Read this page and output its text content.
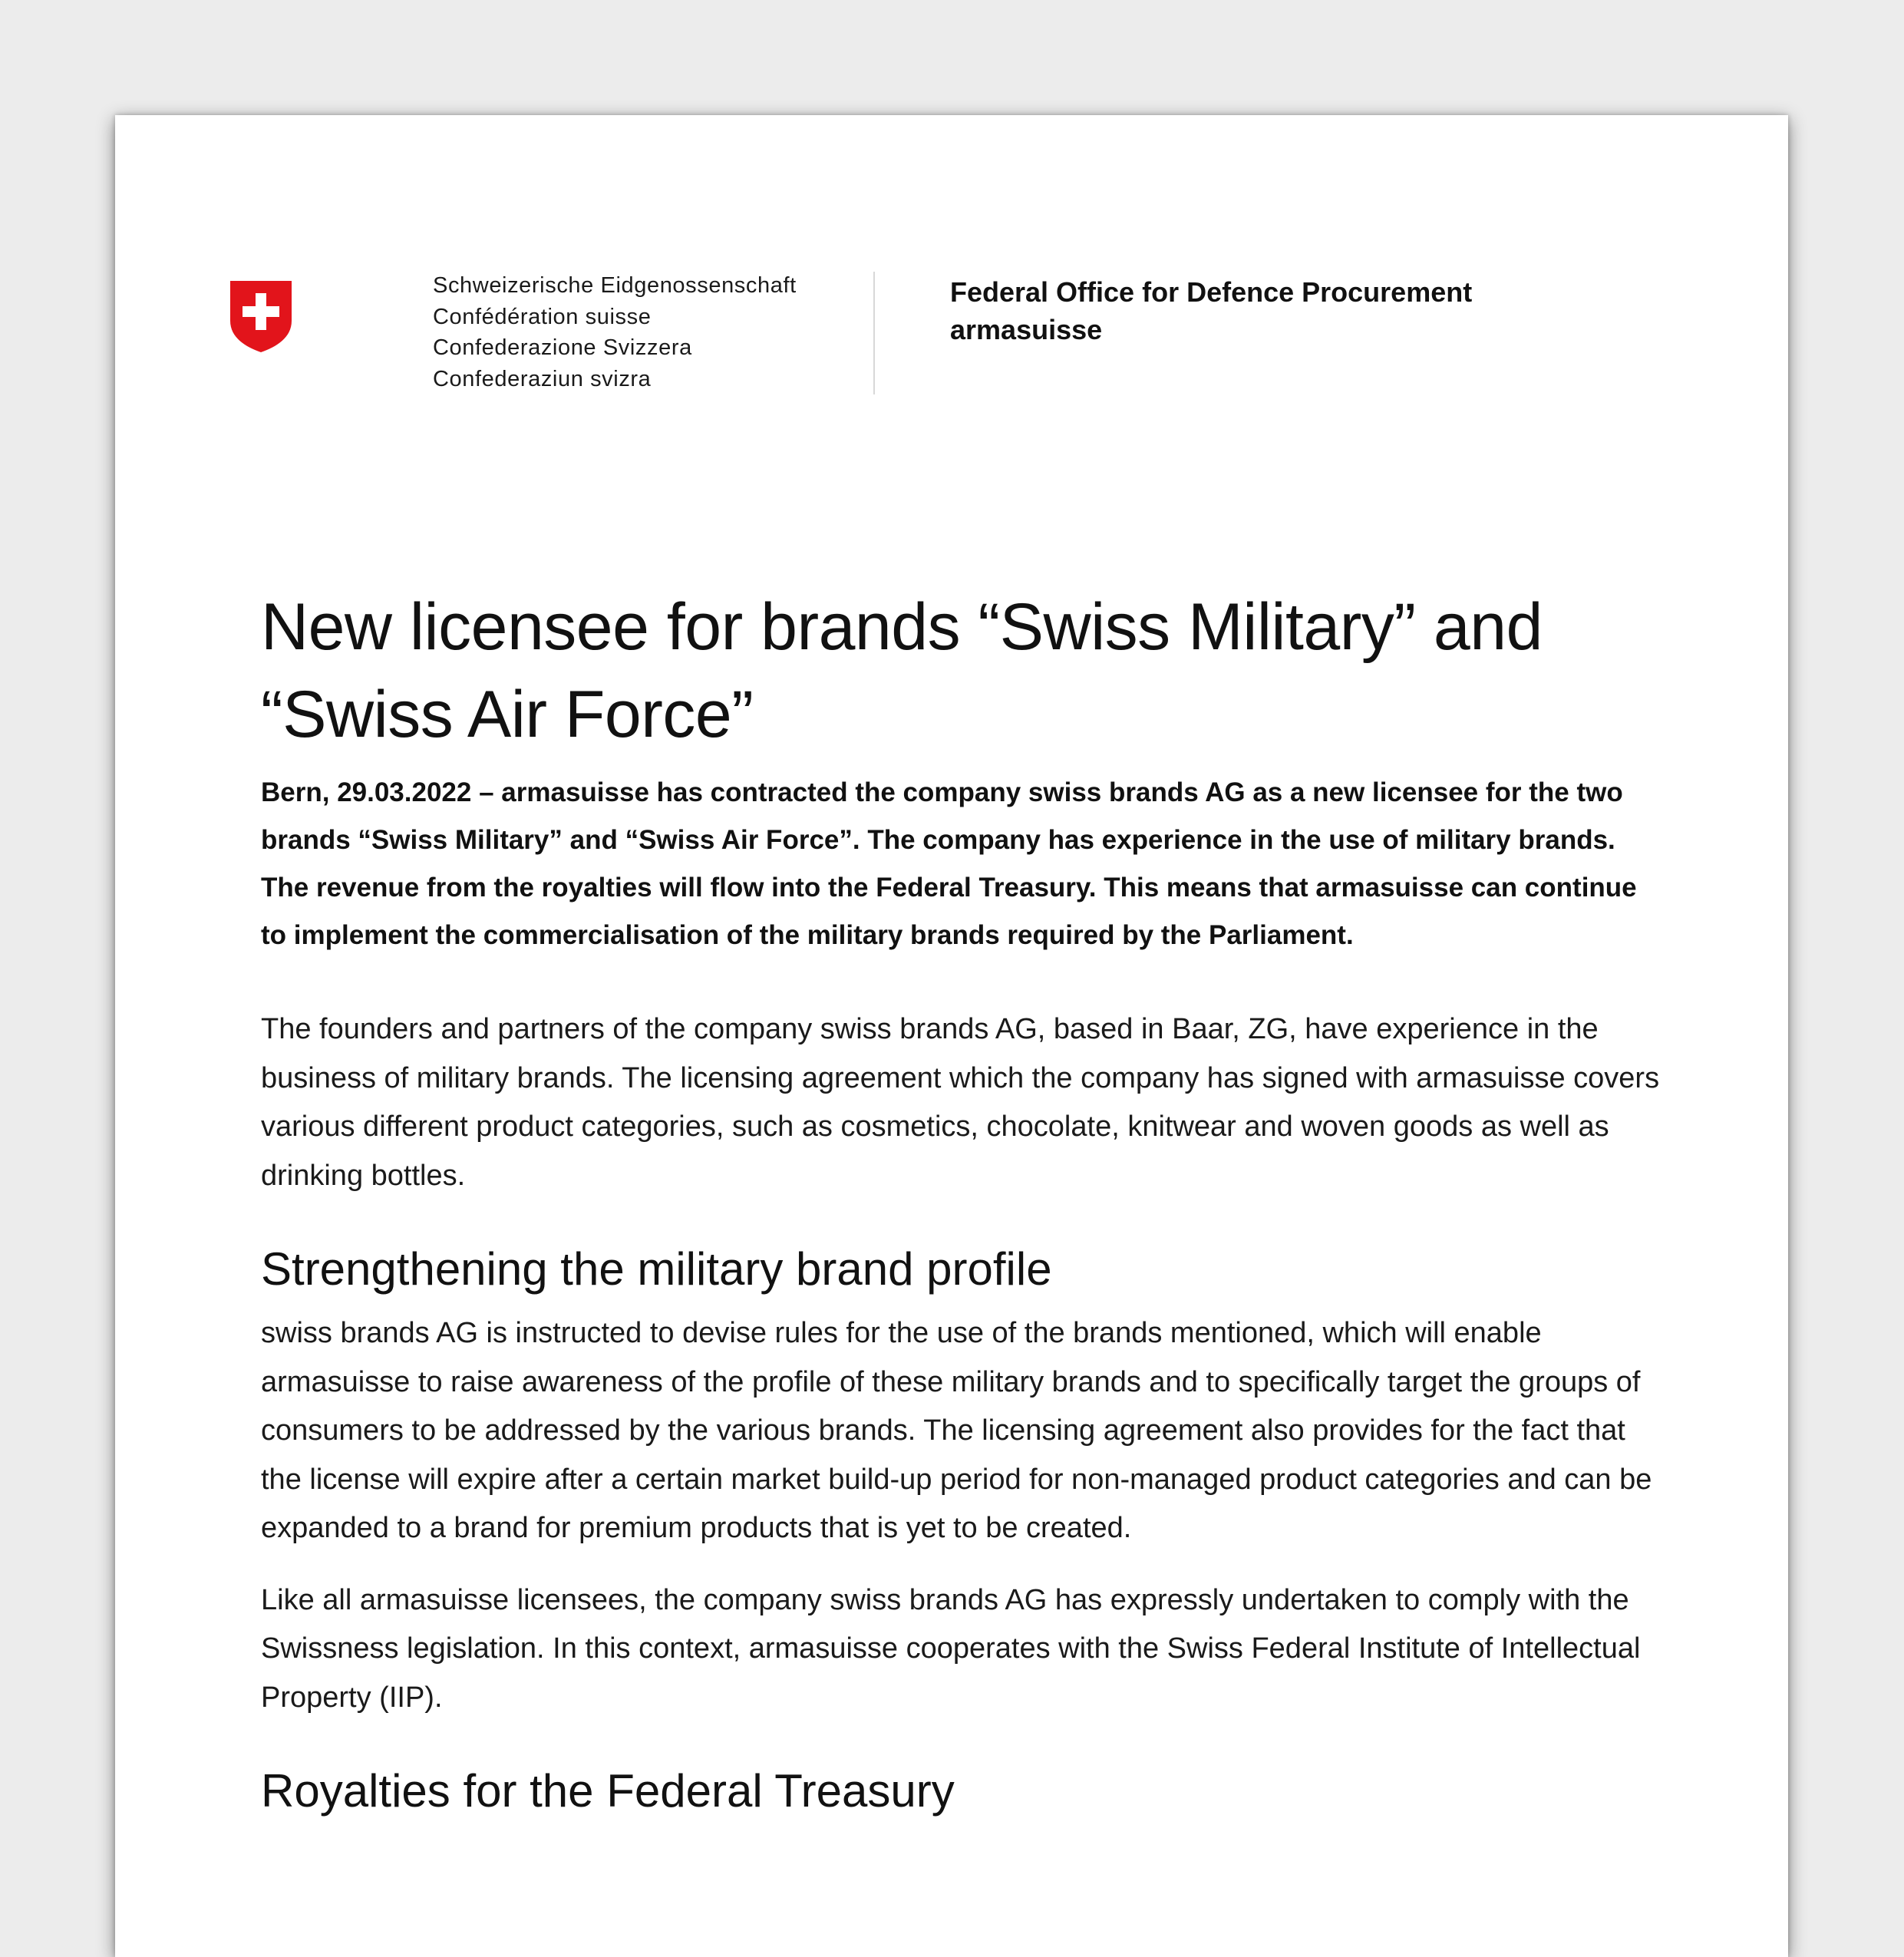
Schweizerische Eidgenossenschaft
Confédération suisse
Confederazione Svizzera
Confederaziun svizra
Federal Office for Defence Procurement
armasuisse
New licensee for brands “Swiss Military” and “Swiss Air Force”

Bern, 29.03.2022 – armasuisse has contracted the company swiss brands AG as a new licensee for the two brands “Swiss Military” and “Swiss Air Force”. The company has experience in the use of military brands. The revenue from the royalties will flow into the Federal Treasury. This means that armasuisse can continue to implement the commercialisation of the military brands required by the Parliament.

The founders and partners of the company swiss brands AG, based in Baar, ZG, have experience in the business of military brands. The licensing agreement which the company has signed with armasuisse covers various different product categories, such as cosmetics, chocolate, knitwear and woven goods as well as drinking bottles.

Strengthening the military brand profile

swiss brands AG is instructed to devise rules for the use of the brands mentioned, which will enable armasuisse to raise awareness of the profile of these military brands and to specifically target the groups of consumers to be addressed by the various brands. The licensing agreement also provides for the fact that the license will expire after a certain market build-up period for non-managed product categories and can be expanded to a brand for premium products that is yet to be created.

Like all armasuisse licensees, the company swiss brands AG has expressly undertaken to comply with the Swissness legislation. In this context, armasuisse cooperates with the Swiss Federal Institute of Intellectual Property (IIP).

Royalties for the Federal Treasury
